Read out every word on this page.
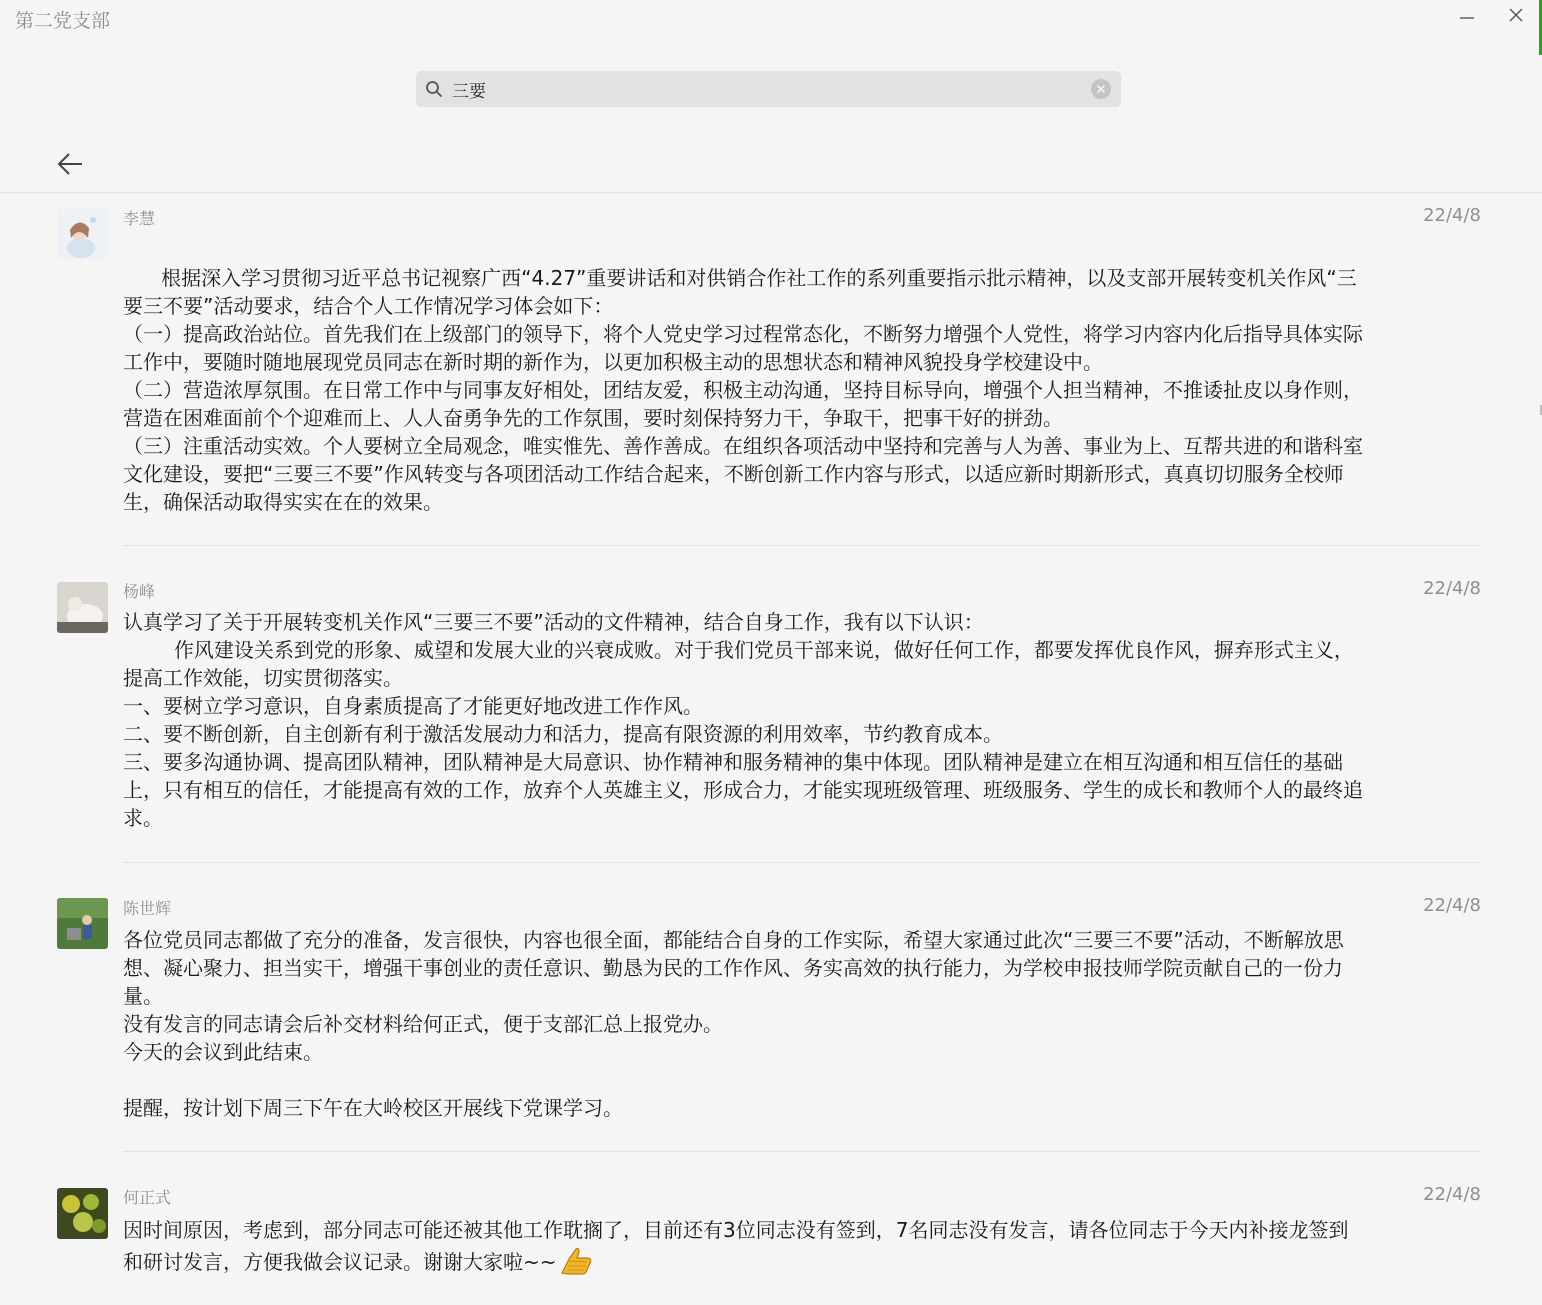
第二党支部
三要
李慧	22/4/8
根据深入学习贯彻习近平总书记视察广西“4.27”重要讲话和对供销合作社工作的系列重要指示批示精神，以及支部开展转变机关作风“三要三不要”活动要求，结合个人工作情况学习体会如下：
（一）提高政治站位。首先我们在上级部门的领导下，将个人党史学习过程常态化，不断努力增强个人党性，将学习内容内化后指导具体实际工作中，要随时随地展现党员同志在新时期的新作为，以更加积极主动的思想状态和精神风貌投身学校建设中。
（二）营造浓厚氛围。在日常工作中与同事友好相处，团结友爱，积极主动沟通，坚持目标导向，增强个人担当精神，不推诿扯皮以身作则，营造在困难面前个个迎难而上、人人奋勇争先的工作氛围，要时刻保持努力干，争取干，把事干好的拼劲。
（三）注重活动实效。个人要树立全局观念，唯实惟先、善作善成。在组织各项活动中坚持和完善与人为善、事业为上、互帮共进的和谐科室文化建设，要把“三要三不要”作风转变与各项团活动工作结合起来，不断创新工作内容与形式，以适应新时期新形式，真真切切服务全校师生，确保活动取得实实在在的效果。
杨峰	22/4/8
认真学习了关于开展转变机关作风“三要三不要”活动的文件精神，结合自身工作，我有以下认识：
作风建设关系到党的形象、威望和发展大业的兴衰成败。对于我们党员干部来说，做好任何工作，都要发挥优良作风，摒弃形式主义，提高工作效能，切实贯彻落实。
一、要树立学习意识，自身素质提高了才能更好地改进工作作风。
二、要不断创新，自主创新有利于激活发展动力和活力，提高有限资源的利用效率，节约教育成本。
三、要多沟通协调、提高团队精神，团队精神是大局意识、协作精神和服务精神的集中体现。团队精神是建立在相互沟通和相互信任的基础上，只有相互的信任，才能提高有效的工作，放弃个人英雄主义，形成合力，才能实现班级管理、班级服务、学生的成长和教师个人的最终追求。
陈世辉	22/4/8
各位党员同志都做了充分的准备，发言很快，内容也很全面，都能结合自身的工作实际，希望大家通过此次“三要三不要”活动，不断解放思想、凝心聚力、担当实干，增强干事创业的责任意识、勤恳为民的工作作风、务实高效的执行能力，为学校申报技师学院贡献自己的一份力量。
没有发言的同志请会后补交材料给何正式，便于支部汇总上报党办。
今天的会议到此结束。

提醒，按计划下周三下午在大岭校区开展线下党课学习。
何正式	22/4/8
因时间原因，考虑到，部分同志可能还被其他工作耽搁了，目前还有3位同志没有签到，7名同志没有发言，请各位同志于今天内补接龙签到和研讨发言，方便我做会议记录。谢谢大家啦~~
